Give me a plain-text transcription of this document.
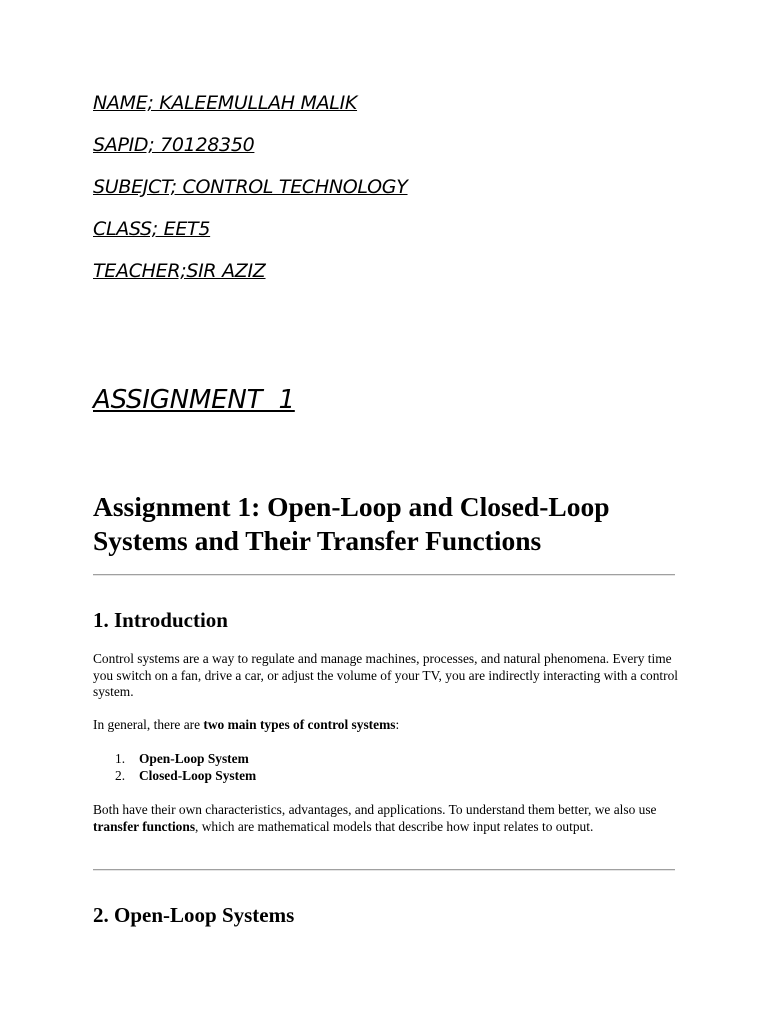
NAME; KALEEMULLAH MALIK
SAPID; 70128350
SUBEJCT; CONTROL TECHNOLOGY
CLASS; EET5
TEACHER;SIR AZIZ
ASSIGNMENT  1
Assignment 1: Open-Loop and Closed-Loop Systems and Their Transfer Functions
1. Introduction

Control systems are a way to regulate and manage machines, processes, and natural phenomena. Every time you switch on a fan, drive a car, or adjust the volume of your TV, you are indirectly interacting with a control system.

In general, there are two main types of control systems:

1. Open-Loop System
2. Closed-Loop System

Both have their own characteristics, advantages, and applications. To understand them better, we also use transfer functions, which are mathematical models that describe how input relates to output.

2. Open-Loop Systems
